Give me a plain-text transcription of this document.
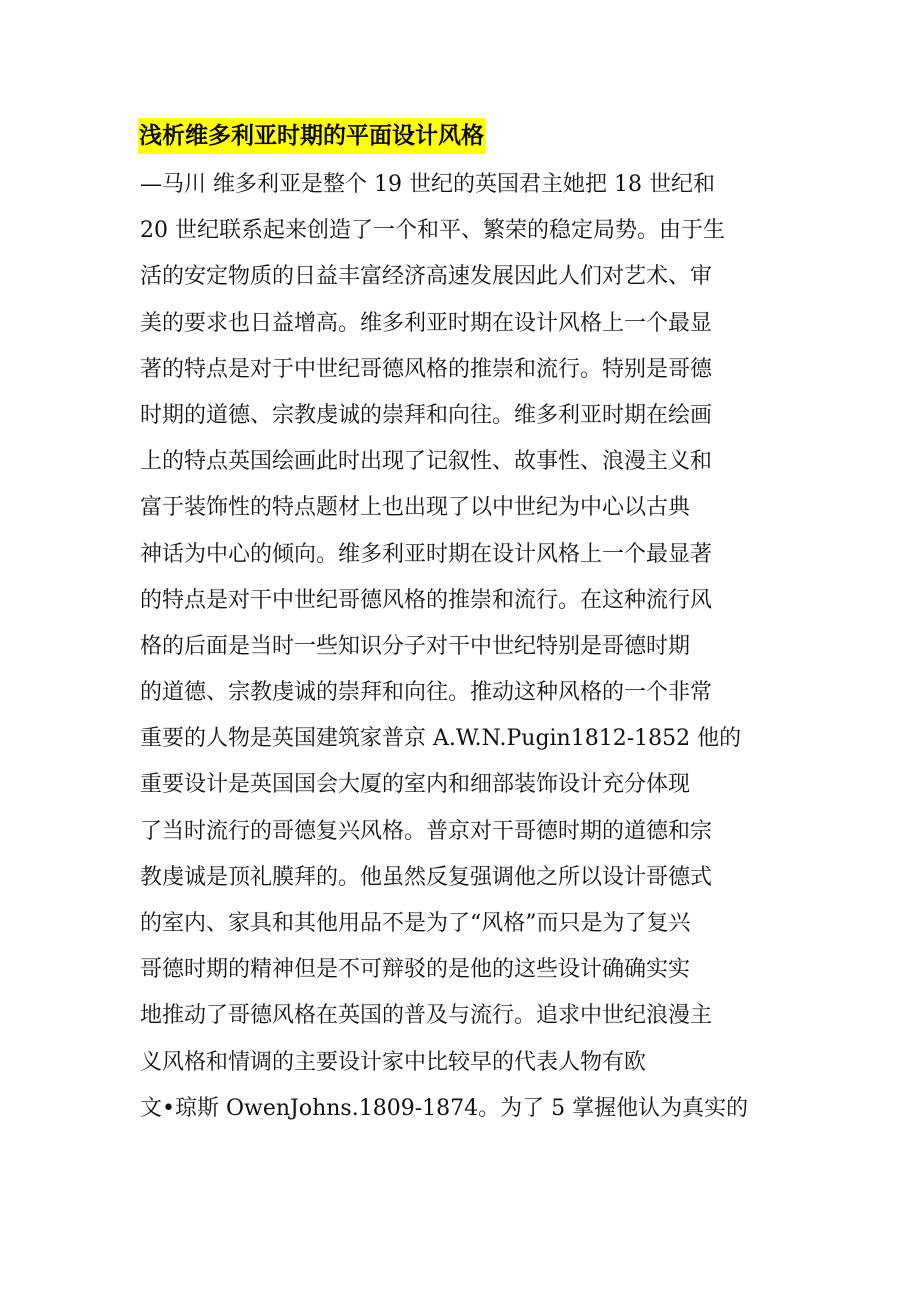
浅析维多利亚时期的平面设计风格
—马川 维多利亚是整个 19 世纪的英国君主她把 18 世纪和
20 世纪联系起来创造了一个和平、繁荣的稳定局势。由于生
活的安定物质的日益丰富经济高速发展因此人们对艺术、审
美的要求也日益增高。维多利亚时期在设计风格上一个最显
著的特点是对于中世纪哥德风格的推崇和流行。特别是哥德
时期的道德、宗教虔诚的崇拜和向往。维多利亚时期在绘画
上的特点英国绘画此时出现了记叙性、故事性、浪漫主义和
富于装饰性的特点题材上也出现了以中世纪为中心以古典
神话为中心的倾向。维多利亚时期在设计风格上一个最显著
的特点是对干中世纪哥德风格的推崇和流行。在这种流行风
格的后面是当时一些知识分子对干中世纪特别是哥德时期
的道德、宗教虔诚的崇拜和向往。推动这种风格的一个非常
重要的人物是英国建筑家普京 A.W.N.Pugin1812-1852 他的
重要设计是英国国会大厦的室内和细部装饰设计充分体现
了当时流行的哥德复兴风格。普京对干哥德时期的道德和宗
教虔诚是顶礼膜拜的。他虽然反复强调他之所以设计哥德式
的室内、家具和其他用品不是为了“风格”而只是为了复兴
哥德时期的精神但是不可辩驳的是他的这些设计确确实实
地推动了哥德风格在英国的普及与流行。追求中世纪浪漫主
义风格和情调的主要设计家中比较早的代表人物有欧
文•琼斯 OwenJohns.1809-1874。为了 5 掌握他认为真实的
